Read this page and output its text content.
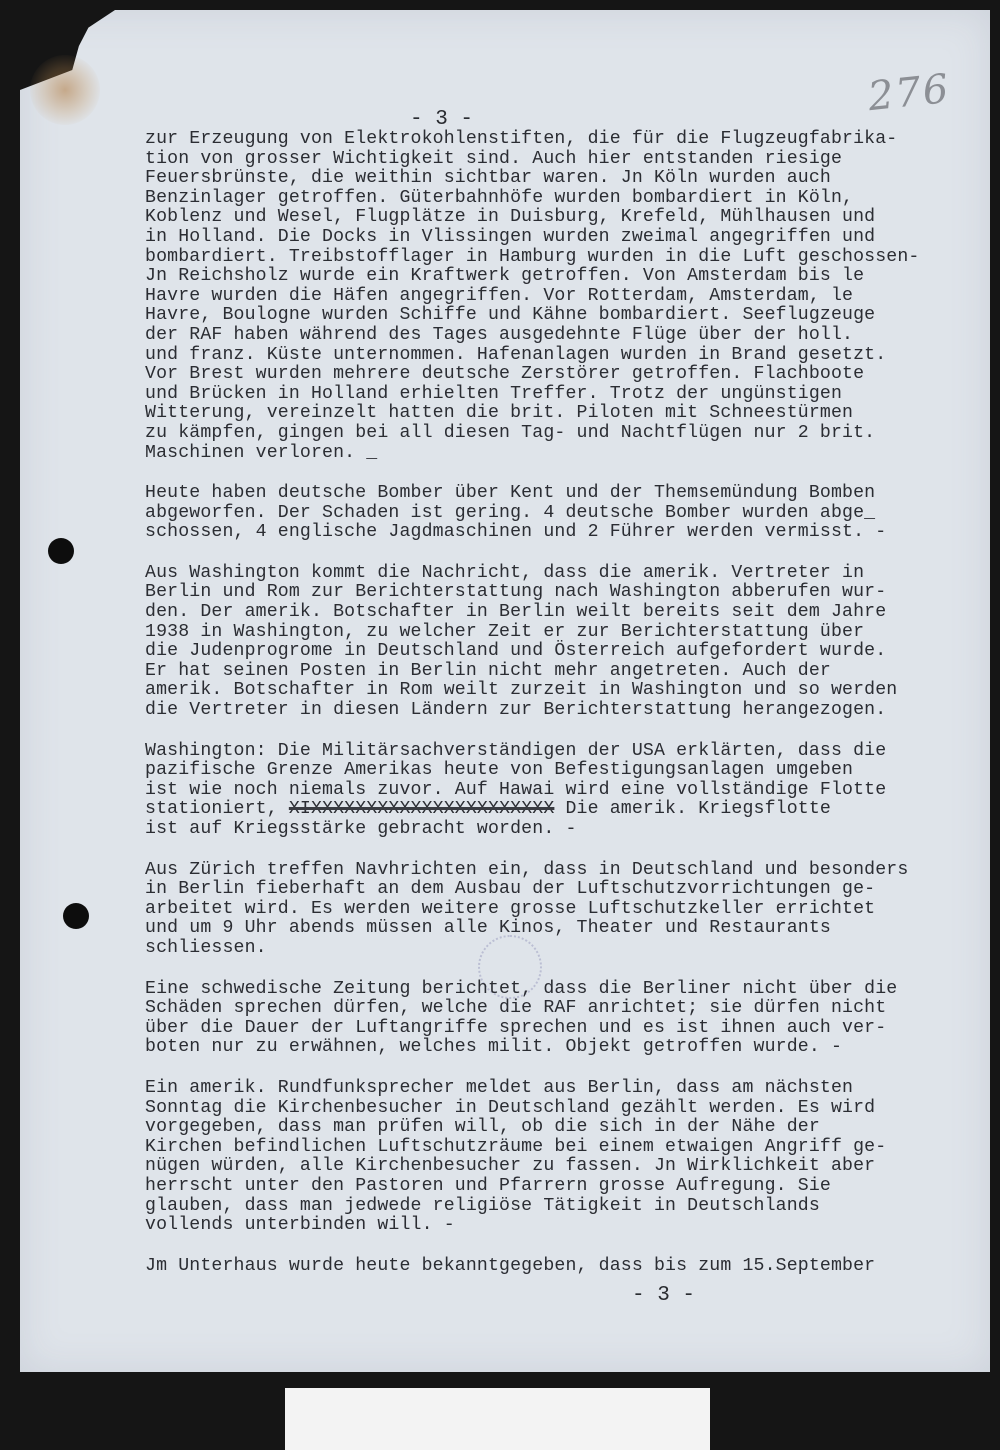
276
- 3 -
zur Erzeugung von Elektrokohlenstiften, die für die Flugzeugfabrika-
tion von grosser Wichtigkeit sind. Auch hier entstanden riesige
Feuersbrünste, die weithin sichtbar waren. Jn Köln wurden auch
Benzinlager getroffen. Güterbahnhöfe wurden bombardiert in Köln,
Koblenz und Wesel, Flugplätze in Duisburg, Krefeld, Mühlhausen und
in Holland. Die Docks in Vlissingen wurden zweimal angegriffen und
bombardiert. Treibstofflager in Hamburg wurden in die Luft geschossen-
Jn Reichsholz wurde ein Kraftwerk getroffen. Von Amsterdam bis le
Havre wurden die Häfen angegriffen. Vor Rotterdam, Amsterdam, le
Havre, Boulogne wurden Schiffe und Kähne bombardiert. Seeflugzeuge
der RAF haben während des Tages ausgedehnte Flüge über der holl.
und franz. Küste unternommen. Hafenanlagen wurden in Brand gesetzt.
Vor Brest wurden mehrere deutsche Zerstörer getroffen. Flachboote
und Brücken in Holland erhielten Treffer. Trotz der ungünstigen
Witterung, vereinzelt hatten die brit. Piloten mit Schneestürmen
zu kämpfen, gingen bei all diesen Tag- und Nachtflügen nur 2 brit.
Maschinen verloren. _
Heute haben deutsche Bomber über Kent und der Themsemündung Bomben
abgeworfen. Der Schaden ist gering. 4 deutsche Bomber wurden abge_
schossen, 4 englische Jagdmaschinen und 2 Führer werden vermisst. -
Aus Washington kommt die Nachricht, dass die amerik. Vertreter in
Berlin und Rom zur Berichterstattung nach Washington abberufen wur-
den. Der amerik. Botschafter in Berlin weilt bereits seit dem Jahre
1938 in Washington, zu welcher Zeit er zur Berichterstattung über
die Judenprogrome in Deutschland und Österreich aufgefordert wurde.
Er hat seinen Posten in Berlin nicht mehr angetreten. Auch der
amerik. Botschafter in Rom weilt zurzeit in Washington und so werden
die Vertreter in diesen Ländern zur Berichterstattung herangezogen.
Washington: Die Militärsachverständigen der USA erklärten, dass die
pazifische Grenze Amerikas heute von Befestigungsanlagen umgeben
ist wie noch niemals zuvor. Auf Hawai wird eine vollständige Flotte
stationiert, XIXXXXXXXXXXXXXXXXXXXXXX Die amerik. Kriegsflotte
ist auf Kriegsstärke gebracht worden. -
Aus Zürich treffen Navhrichten ein, dass in Deutschland und besonders
in Berlin fieberhaft an dem Ausbau der Luftschutzvorrichtungen ge-
arbeitet wird. Es werden weitere grosse Luftschutzkeller errichtet
und um 9 Uhr abends müssen alle Kinos, Theater und Restaurants
schliessen.
Eine schwedische Zeitung berichtet, dass die Berliner nicht über die
Schäden sprechen dürfen, welche die RAF anrichtet; sie dürfen nicht
über die Dauer der Luftangriffe sprechen und es ist ihnen auch ver-
boten nur zu erwähnen, welches milit. Objekt getroffen wurde. -
Ein amerik. Rundfunksprecher meldet aus Berlin, dass am nächsten
Sonntag die Kirchenbesucher in Deutschland gezählt werden. Es wird
vorgegeben, dass man prüfen will, ob die sich in der Nähe der
Kirchen befindlichen Luftschutzräume bei einem etwaigen Angriff ge-
nügen würden, alle Kirchenbesucher zu fassen. Jn Wirklichkeit aber
herrscht unter den Pastoren und Pfarrern grosse Aufregung. Sie
glauben, dass man jedwede religiöse Tätigkeit in Deutschlands
vollends unterbinden will. -
Jm Unterhaus wurde heute bekanntgegeben, dass bis zum 15.September
- 3 -
